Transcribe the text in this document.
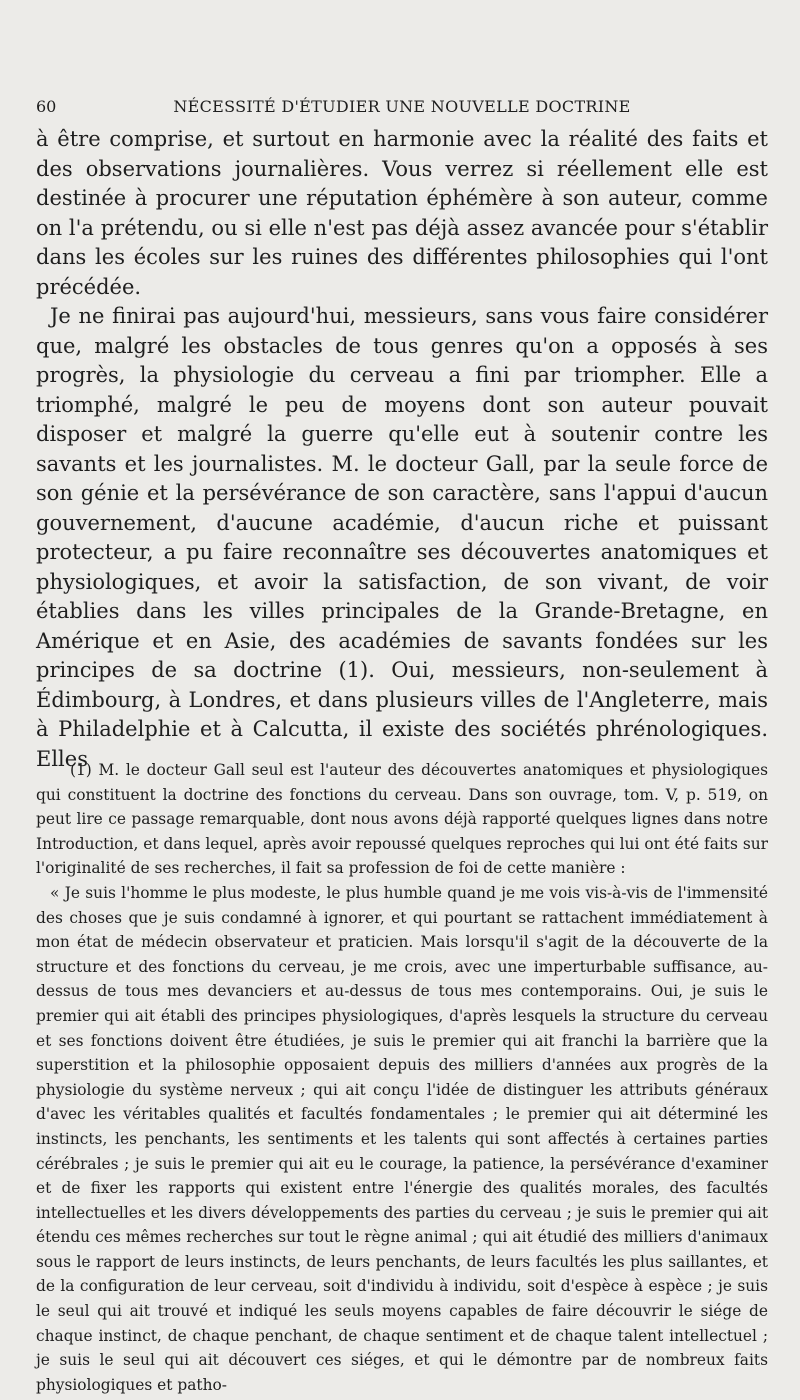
60	NÉCESSITÉ D'ÉTUDIER UNE NOUVELLE DOCTRINE

à être comprise, et surtout en harmonie avec la réalité des faits et des observations journalières. Vous verrez si réellement elle est destinée à procurer une réputation éphémère à son auteur, comme on l'a prétendu, ou si elle n'est pas déjà assez avancée pour s'établir dans les écoles sur les ruines des différentes philosophies qui l'ont précédée.

Je ne finirai pas aujourd'hui, messieurs, sans vous faire considérer que, malgré les obstacles de tous genres qu'on a opposés à ses progrès, la physiologie du cerveau a fini par triompher. Elle a triomphé, malgré le peu de moyens dont son auteur pouvait disposer et malgré la guerre qu'elle eut à soutenir contre les savants et les journalistes. M. le docteur Gall, par la seule force de son génie et la persévérance de son caractère, sans l'appui d'aucun gouvernement, d'aucune académie, d'aucun riche et puissant protecteur, a pu faire reconnaître ses découvertes anatomiques et physiologiques, et avoir la satisfaction, de son vivant, de voir établies dans les villes principales de la Grande-Bretagne, en Amérique et en Asie, des académies de savants fondées sur les principes de sa doctrine (1). Oui, messieurs, non-seulement à Édimbourg, à Londres, et dans plusieurs villes de l'Angleterre, mais à Philadelphie et à Calcutta, il existe des sociétés phrénologiques. Elles

(1) M. le docteur Gall seul est l'auteur des découvertes anatomiques et physiologiques qui constituent la doctrine des fonctions du cerveau. Dans son ouvrage, tom. V, p. 519, on peut lire ce passage remarquable, dont nous avons déjà rapporté quelques lignes dans notre Introduction, et dans lequel, après avoir repoussé quelques reproches qui lui ont été faits sur l'originalité de ses recherches, il fait sa profession de foi de cette manière :

« Je suis l'homme le plus modeste, le plus humble quand je me vois vis-à-vis de l'immensité des choses que je suis condamné à ignorer, et qui pourtant se rattachent immédiatement à mon état de médecin observateur et praticien. Mais lorsqu'il s'agit de la découverte de la structure et des fonctions du cerveau, je me crois, avec une imperturbable suffisance, au-dessus de tous mes devanciers et au-dessus de tous mes contemporains. Oui, je suis le premier qui ait établi des principes physiologiques, d'après lesquels la structure du cerveau et ses fonctions doivent être étudiées, je suis le premier qui ait franchi la barrière que la superstition et la philosophie opposaient depuis des milliers d'années aux progrès de la physiologie du système nerveux ; qui ait conçu l'idée de distinguer les attributs généraux d'avec les véritables qualités et facultés fondamentales ; le premier qui ait déterminé les instincts, les penchants, les sentiments et les talents qui sont affectés à certaines parties cérébrales ; je suis le premier qui ait eu le courage, la patience, la persévérance d'examiner et de fixer les rapports qui existent entre l'énergie des qualités morales, des facultés intellectuelles et les divers développements des parties du cerveau ; je suis le premier qui ait étendu ces mêmes recherches sur tout le règne animal ; qui ait étudié des milliers d'animaux sous le rapport de leurs instincts, de leurs penchants, de leurs facultés les plus saillantes, et de la configuration de leur cerveau, soit d'individu à individu, soit d'espèce à espèce ; je suis le seul qui ait trouvé et indiqué les seuls moyens capables de faire découvrir le siége de chaque instinct, de chaque penchant, de chaque sentiment et de chaque talent intellectuel ; je suis le seul qui ait découvert ces siéges, et qui le démontre par de nombreux faits physiologiques et patho-
